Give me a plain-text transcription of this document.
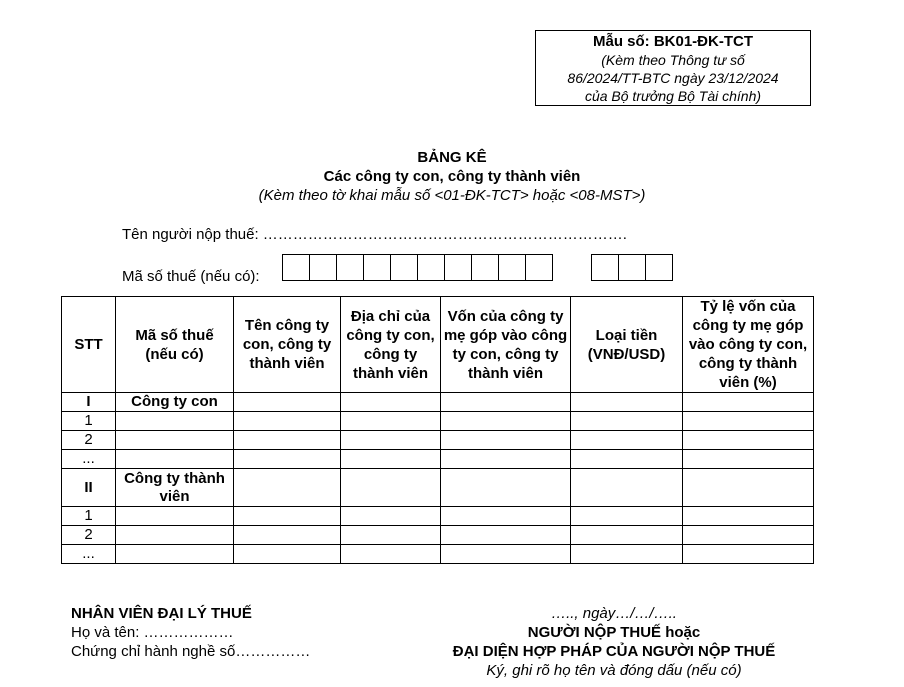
Mẫu số: BK01-ĐK-TCT
(Kèm theo Thông tư số
86/2024/TT-BTC ngày 23/12/2024
của Bộ trưởng Bộ Tài chính)
BẢNG KÊ
Các công ty con, công ty thành viên
(Kèm theo tờ khai mẫu số <01-ĐK-TCT> hoặc <08-MST>)
Tên người nộp thuế: ……………………………………………………………….
Mã số thuế (nếu có):
STT	Mã số thuế (nếu có)	Tên công ty con, công ty thành viên	Địa chỉ của công ty con, công ty thành viên	Vốn của công ty mẹ góp vào công ty con, công ty thành viên	Loại tiền (VNĐ/USD)	Tỷ lệ vốn của công ty mẹ góp vào công ty con, công ty thành viên (%)
I	Công ty con					
1						
2						
...						
II	Công ty thành viên					
1						
2						
...						
NHÂN VIÊN ĐẠI LÝ THUẾ
Họ và tên: ………………
Chứng chỉ hành nghề số……………
….., ngày…/…/…..
NGƯỜI NỘP THUẾ hoặc
ĐẠI DIỆN HỢP PHÁP CỦA NGƯỜI NỘP THUẾ
Ký, ghi rõ họ tên và đóng dấu (nếu có)
